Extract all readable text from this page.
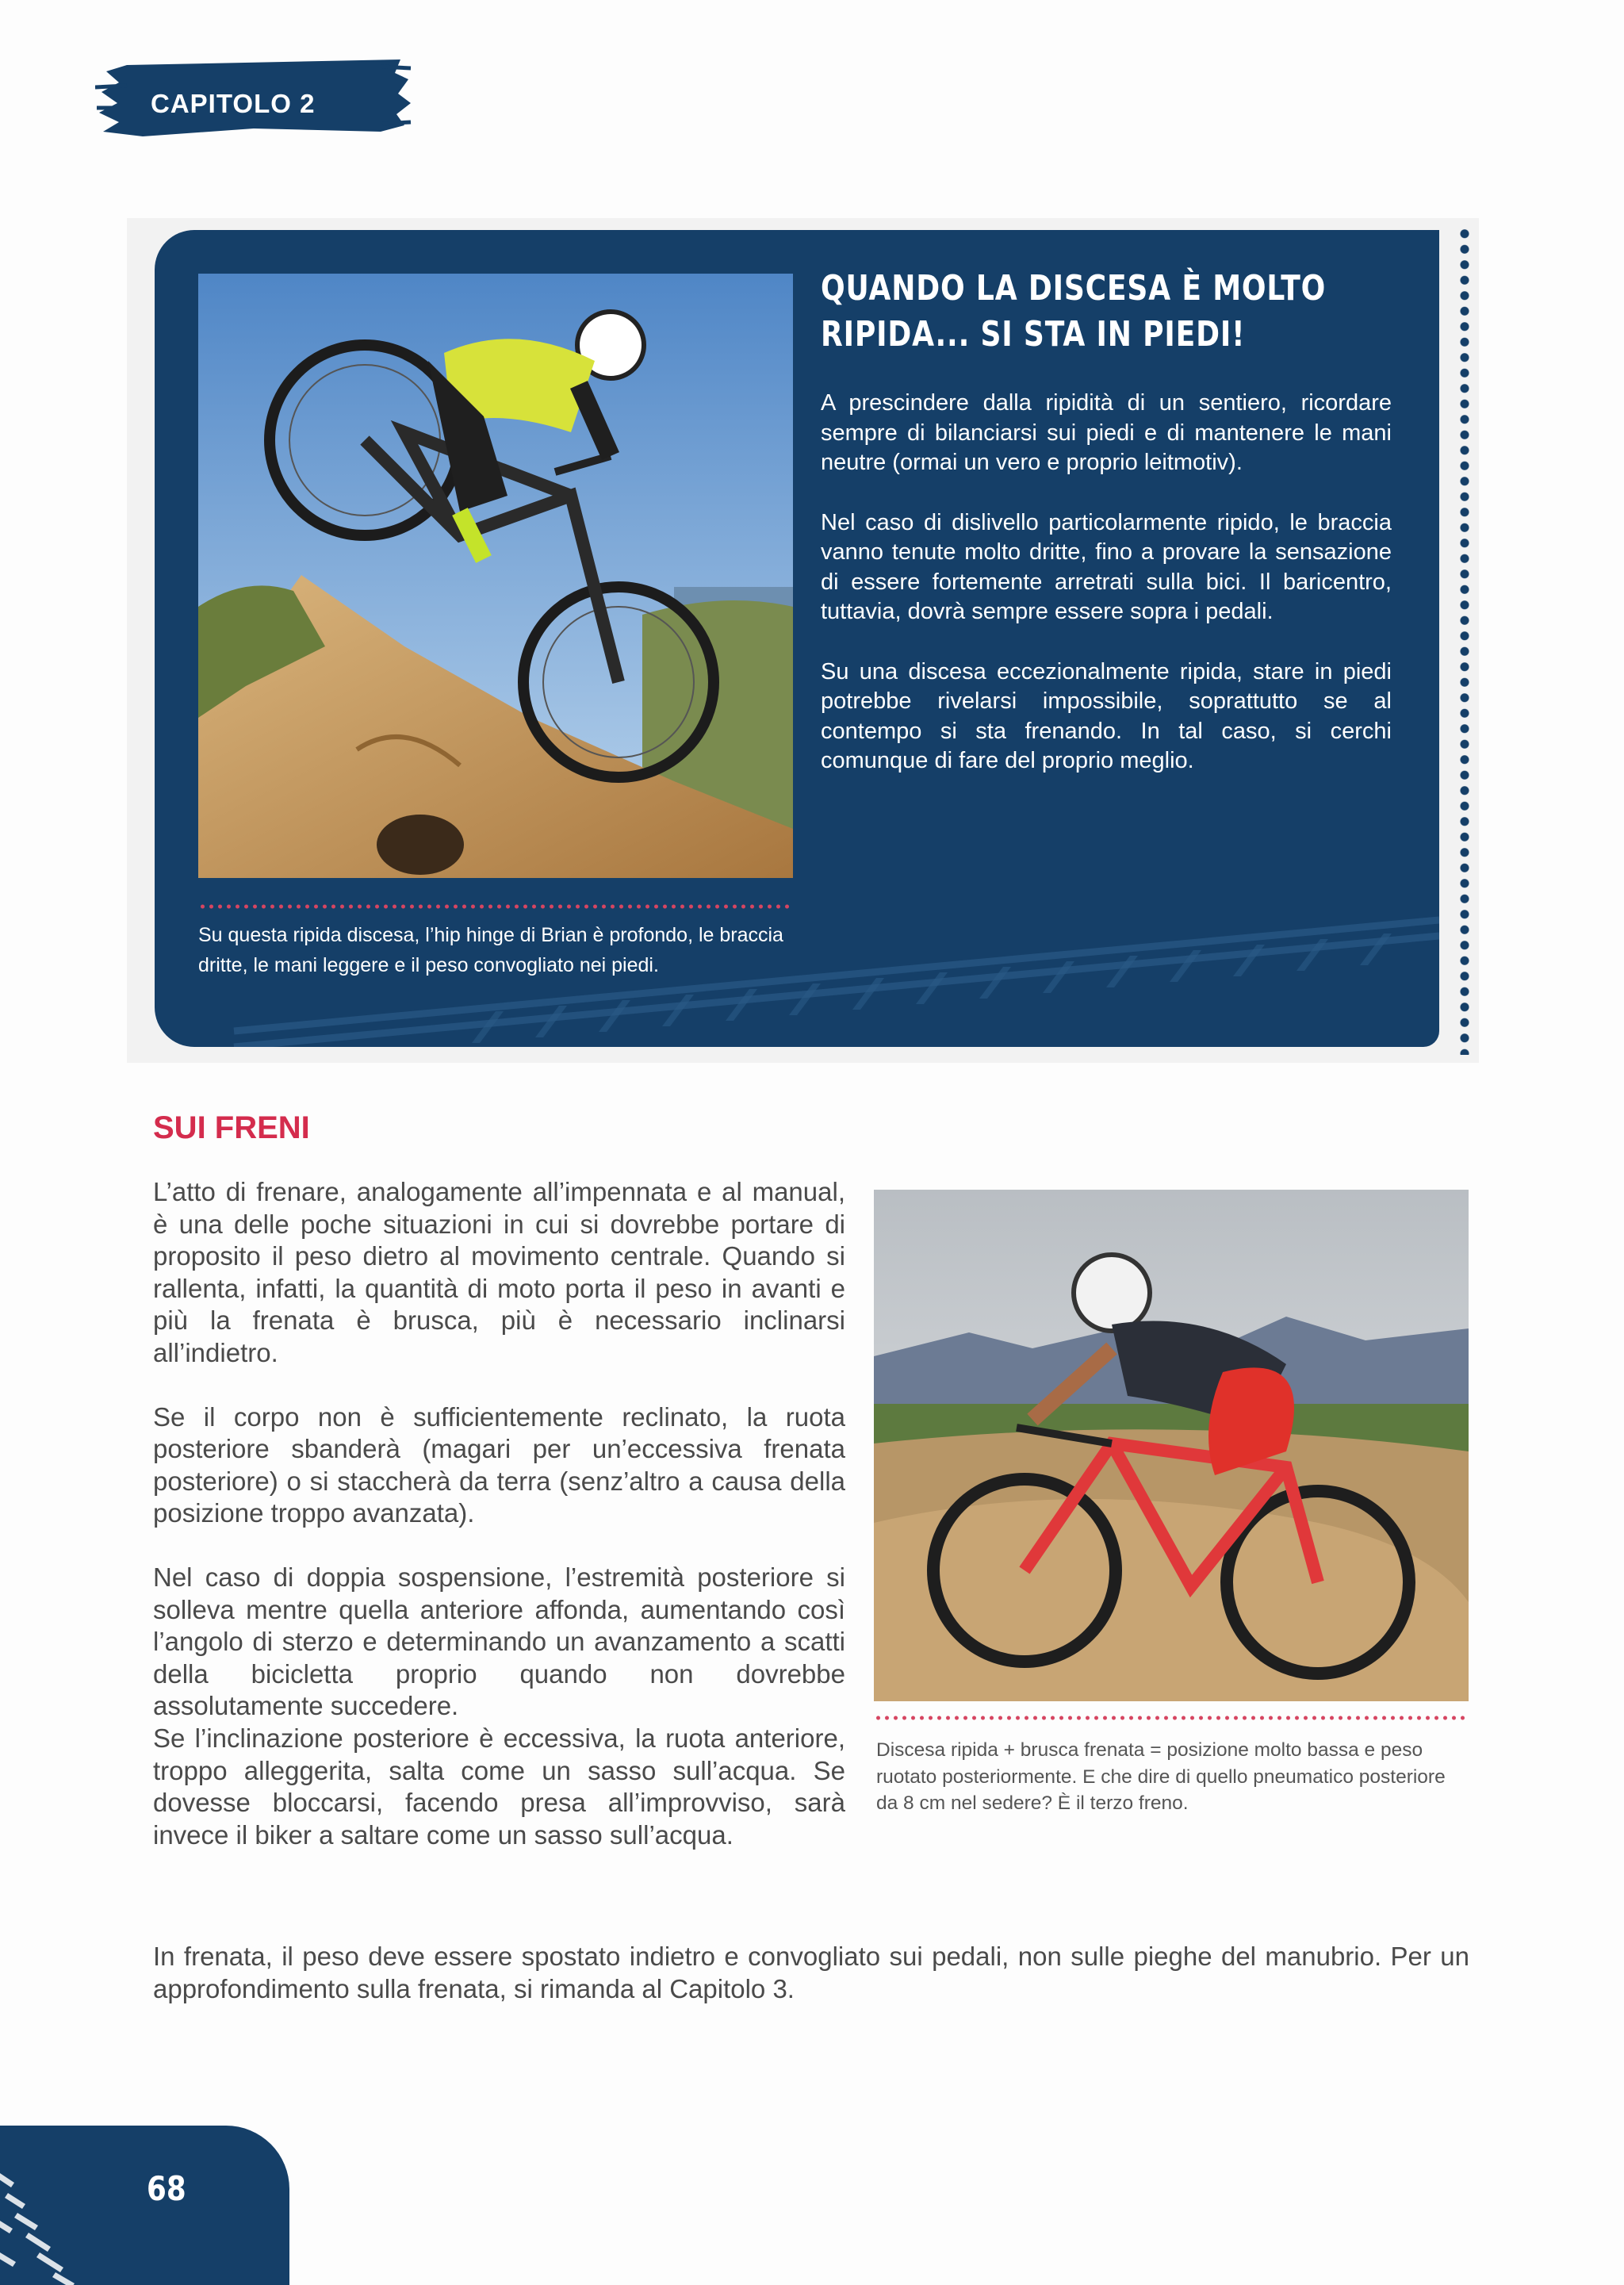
CAPITOLO 2
QUANDO LA DISCESA È MOLTO
RIPIDA... SI STA IN PIEDI!

A prescindere dalla ripidità di un sentiero, ricordare sempre di bilanciarsi sui piedi e di mantenere le mani neutre (ormai un vero e proprio leitmotiv).

Nel caso di dislivello particolarmente ripido, le braccia vanno tenute molto dritte, fino a provare la sensazione di essere fortemente arretrati sulla bici. Il baricentro, tuttavia, dovrà sempre essere sopra i pedali.

Su una discesa eccezionalmente ripida, stare in piedi potrebbe rivelarsi impossibile, soprattutto se al contempo si sta frenando. In tal caso, si cerchi comunque di fare del proprio meglio.

Su questa ripida discesa, l’hip hinge di Brian è profondo, le braccia dritte, le mani leggere e il peso convogliato nei piedi.
SUI FRENI

L’atto di frenare, analogamente all’impennata e al manual, è una delle poche situazioni in cui si dovrebbe portare di proposito il peso dietro al movimento centrale. Quando si rallenta, infatti, la quantità di moto porta il peso in avanti e più la frenata è brusca, più è necessario inclinarsi all’indietro.

Se il corpo non è sufficientemente reclinato, la ruota posteriore sbanderà (magari per un’eccessiva frenata posteriore) o si staccherà da terra (senz’altro a causa della posizione troppo avanzata).

Nel caso di doppia sospensione, l’estremità posteriore si solleva mentre quella anteriore affonda, aumentando così l’angolo di sterzo e determinando un avanzamento a scatti della bicicletta proprio quando non dovrebbe assolutamente succedere.

Se l’inclinazione posteriore è eccessiva, la ruota anteriore, troppo alleggerita, salta come un sasso sull’acqua. Se dovesse bloccarsi, facendo presa all’improvviso, sarà invece il biker a saltare come un sasso sull’acqua.

Discesa ripida + brusca frenata = posizione molto bassa e peso ruotato posteriormente. E che dire di quello pneumatico posteriore da 8 cm nel sedere? È il terzo freno.
In frenata, il peso deve essere spostato indietro e convogliato sui pedali, non sulle pieghe del manubrio. Per un approfondimento sulla frenata, si rimanda al Capitolo 3.
68
